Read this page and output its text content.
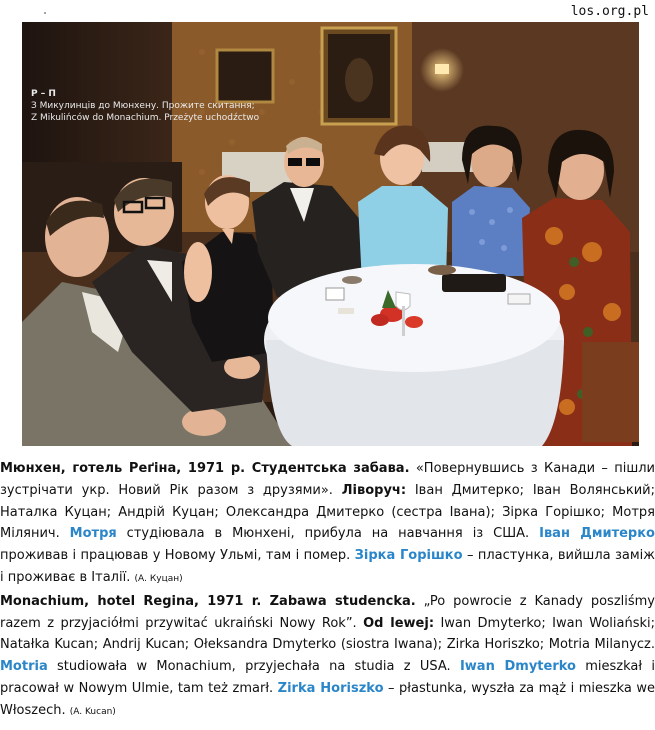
los.org.pl
Р – П
З Микулинців до Мюнхену. Прожите скитання;
Z Mikulińców do Monachium. Przeżyte uchodźctwo

Мюнхен, готель Реґіна, 1971 р. Студентська забава. «Повернувшись з Канади – пішли зустрічати укр. Новий Рік разом з друзями». Ліворуч: Іван Дмитерко; Іван Волянський; Наталка Куцан; Андрій Куцан; Олександра Дмитерко (сестра Івана); Зірка Горішко; Мотря Мілянич. Мотря студіювала в Мюнхені, прибула на навчання із США. Іван Дмитерко проживав і працював у Новому Ульмі, там і помер. Зірка Горішко – пластунка, вийшла заміж і проживає в Італії. (А. Куцан)

Monachium, hotel Regina, 1971 r. Zabawa studencka. „Po powrocie z Kanady poszliśmy razem z przyjaciółmi przywitać ukraiński Nowy Rok”. Od lewej: Iwan Dmyterko; Iwan Woliański; Natałka Kucan; Andrij Kucan; Ołeksandra Dmyterko (siostra Iwana); Zirka Horiszko; Motria Milanycz. Motria studiowała w Monachium, przyjechała na studia z USA. Iwan Dmyterko mieszkał i pracował w Nowym Ulmie, tam też zmarł. Zirka Horiszko – płastunka, wyszła za mąż i mieszka we Włoszech. (A. Kucan)
